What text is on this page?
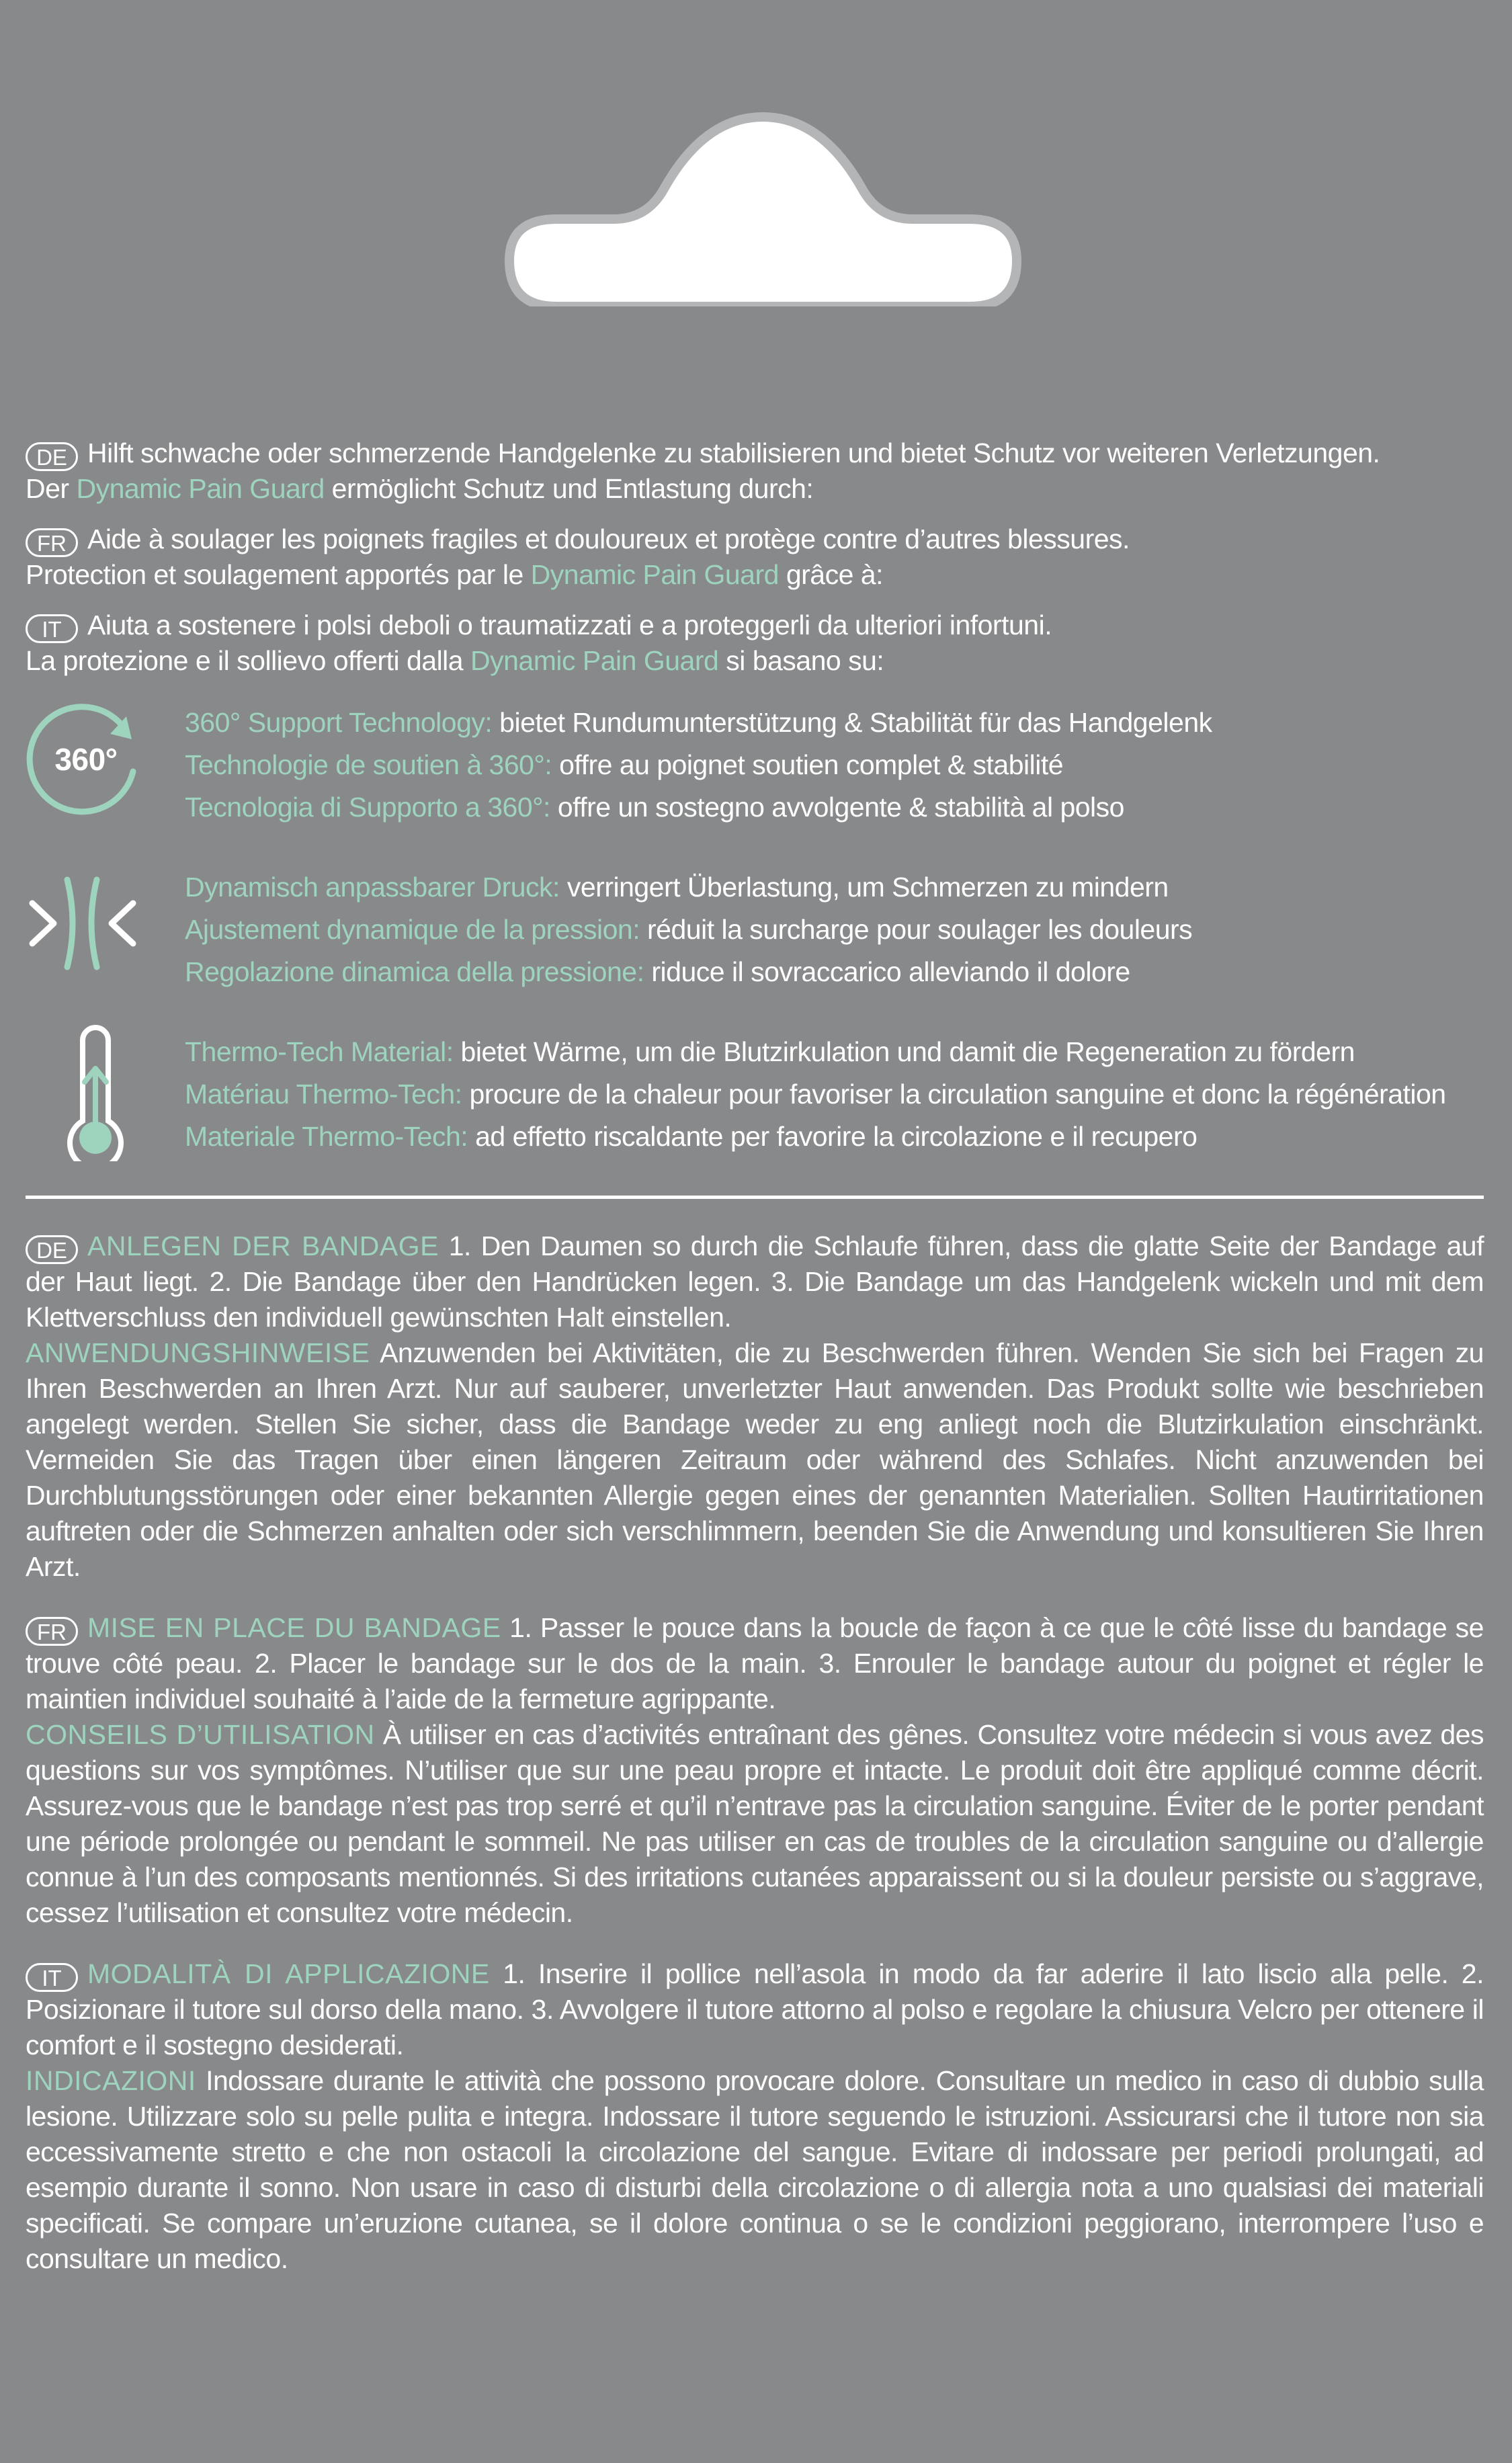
DE Hilft schwache oder schmerzende Handgelenke zu stabilisieren und bietet Schutz vor weiteren Verletzungen.

Der Dynamic Pain Guard ermöglicht Schutz und Entlastung durch:

FR Aide à soulager les poignets fragiles et douloureux et protège contre d’autres blessures.

Protection et soulagement apportés par le Dynamic Pain Guard grâce à:

IT Aiuta a sostenere i polsi deboli o traumatizzati e a proteggerli da ulteriori infortuni.

La protezione e il sollievo offerti dalla Dynamic Pain Guard si basano su:

360°

360° Support Technology: bietet Rundumunterstützung & Stabilität für das Handgelenk

Technologie de soutien à 360°: offre au poignet soutien complet & stabilité

Tecnologia di Supporto a 360°: offre un sostegno avvolgente & stabilità al polso

Dynamisch anpassbarer Druck: verringert Überlastung, um Schmerzen zu mindern

Ajustement dynamique de la pression: réduit la surcharge pour soulager les douleurs

Regolazione dinamica della pressione: riduce il sovraccarico alleviando il dolore

Thermo-Tech Material: bietet Wärme, um die Blutzirkulation und damit die Regeneration zu fördern

Matériau Thermo-Tech: procure de la chaleur pour favoriser la circulation sanguine et donc la régénération

Materiale Thermo-Tech: ad effetto riscaldante per favorire la circolazione e il recupero

DE ANLEGEN DER BANDAGE 1. Den Daumen so durch die Schlaufe führen, dass die glatte Seite der Bandage auf der Haut liegt. 2. Die Bandage über den Handrücken legen. 3. Die Bandage um das Handgelenk wickeln und mit dem Klettverschluss den individuell gewünschten Halt einstellen.

ANWENDUNGSHINWEISE Anzuwenden bei Aktivitäten, die zu Beschwerden führen. Wenden Sie sich bei Fragen zu Ihren Beschwerden an Ihren Arzt. Nur auf sauberer, unverletzter Haut anwenden. Das Produkt sollte wie beschrieben angelegt werden. Stellen Sie sicher, dass die Bandage weder zu eng anliegt noch die Blutzirkulation einschränkt. Vermeiden Sie das Tragen über einen längeren Zeitraum oder während des Schlafes. Nicht anzuwenden bei Durchblutungsstörungen oder einer bekannten Allergie gegen eines der genannten Materialien. Sollten Hautirritationen auftreten oder die Schmerzen anhalten oder sich verschlimmern, beenden Sie die Anwendung und konsultieren Sie Ihren Arzt.

FR MISE EN PLACE DU BANDAGE 1. Passer le pouce dans la boucle de façon à ce que le côté lisse du bandage se trouve côté peau. 2. Placer le bandage sur le dos de la main. 3. Enrouler le bandage autour du poignet et régler le maintien individuel souhaité à l’aide de la fermeture agrippante.

CONSEILS D’UTILISATION À utiliser en cas d’activités entraînant des gênes. Consultez votre médecin si vous avez des questions sur vos symptômes. N’utiliser que sur une peau propre et intacte. Le produit doit être appliqué comme décrit. Assurez-vous que le bandage n’est pas trop serré et qu’il n’entrave pas la circulation sanguine. Éviter de le porter pendant une période prolongée ou pendant le sommeil. Ne pas utiliser en cas de troubles de la circulation sanguine ou d’allergie connue à l’un des composants mentionnés. Si des irritations cutanées apparaissent ou si la douleur persiste ou s’aggrave, cessez l’utilisation et consultez votre médecin.

IT MODALITÀ DI APPLICAZIONE 1. Inserire il pollice nell’asola in modo da far aderire il lato liscio alla pelle. 2. Posizionare il tutore sul dorso della mano. 3. Avvolgere il tutore attorno al polso e regolare la chiusura Velcro per ottenere il comfort e il sostegno desiderati.

INDICAZIONI Indossare durante le attività che possono provocare dolore. Consultare un medico in caso di dubbio sulla lesione. Utilizzare solo su pelle pulita e integra. Indossare il tutore seguendo le istruzioni. Assicurarsi che il tutore non sia eccessivamente stretto e che non ostacoli la circolazione del sangue. Evitare di indossare per periodi prolungati, ad esempio durante il sonno. Non usare in caso di disturbi della circolazione o di allergia nota a uno qualsiasi dei materiali specificati. Se compare un’eruzione cutanea, se il dolore continua o se le condizioni peggiorano, interrompere l’uso e consultare un medico.
